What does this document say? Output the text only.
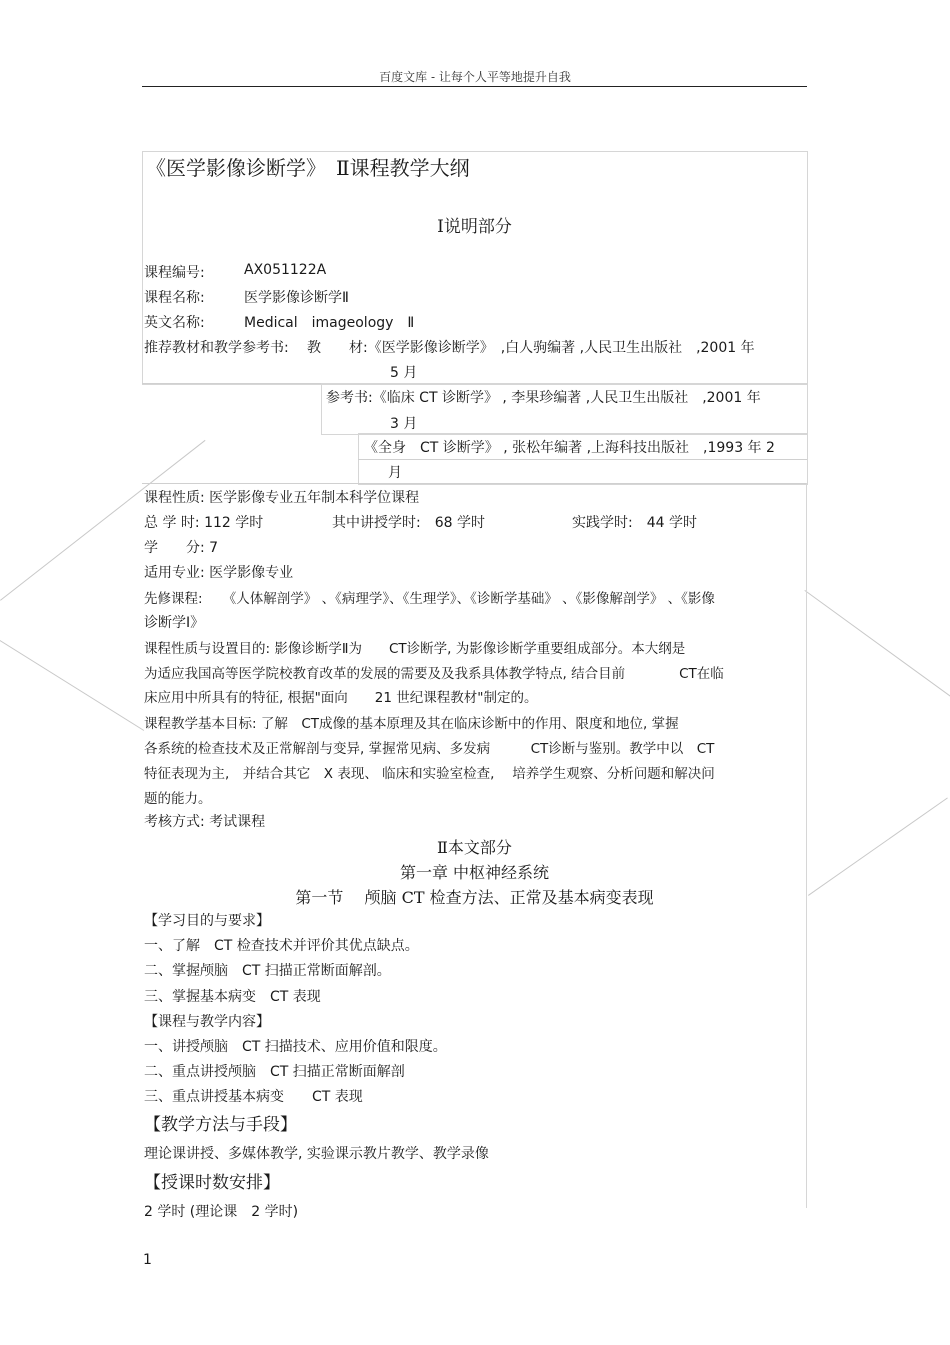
百度文库 - 让每个人平等地提升自我
《医学影像诊断学》　Ⅱ课程教学大纲
Ⅰ说明部分
课程编号:	AX051122A
课程名称:	医学影像诊断学Ⅱ
英文名称:	Medical　imageology　Ⅱ
推荐教材和教学参考书: 教　　材:《医学影像诊断学》　,白人驹编著 ,人民卫生出版社　,2001 年
5 月
参考书:《临床 CT 诊断学》 , 李果珍编著 ,人民卫生出版社　,2001 年
3 月
《全身　CT 诊断学》 , 张松年编著 ,上海科技出版社　,1993 年 2
月
课程性质: 医学影像专业五年制本科学位课程
总 学 时: 112 学时	其中讲授学时:　68 学时	实践学时:　44 学时
学　　分: 7
适用专业: 医学影像专业
先修课程:　　《人体解剖学》 、《病理学》、《生理学》、《诊断学基础》 、《影像解剖学》 、《影像
诊断学Ⅰ》
课程性质与设置目的: 影像诊断学Ⅱ为　　CT诊断学, 为影像诊断学重要组成部分。本大纲是
为适应我国高等医学院校教育改革的发展的需要及及我系具体教学特点, 结合目前　　　　CT在临
床应用中所具有的特征, 根据"面向　　21 世纪课程教材"制定的。
课程教学基本目标: 了解　CT成像的基本原理及其在临床诊断中的作用、限度和地位, 掌握
各系统的检查技术及正常解剖与变异, 掌握常见病、多发病　　　CT诊断与鉴别。教学中以　CT
特征表现为主,　并结合其它　X 表现、 临床和实验室检查,　 培养学生观察、分析问题和解决问
题的能力。
考核方式: 考试课程
Ⅱ本文部分
第一章 中枢神经系统
第一节　 颅脑 CT 检查方法、正常及基本病变表现
【学习目的与要求】
一、了解　CT 检查技术并评价其优点缺点。
二、掌握颅脑　CT 扫描正常断面解剖。
三、掌握基本病变　CT 表现
【课程与教学内容】
一、讲授颅脑　CT 扫描技术、应用价值和限度。
二、重点讲授颅脑　CT 扫描正常断面解剖
三、重点讲授基本病变　　CT 表现
【教学方法与手段】
理论课讲授、多媒体教学, 实验课示教片教学、教学录像
【授课时数安排】
2 学时 (理论课　2 学时)
1
